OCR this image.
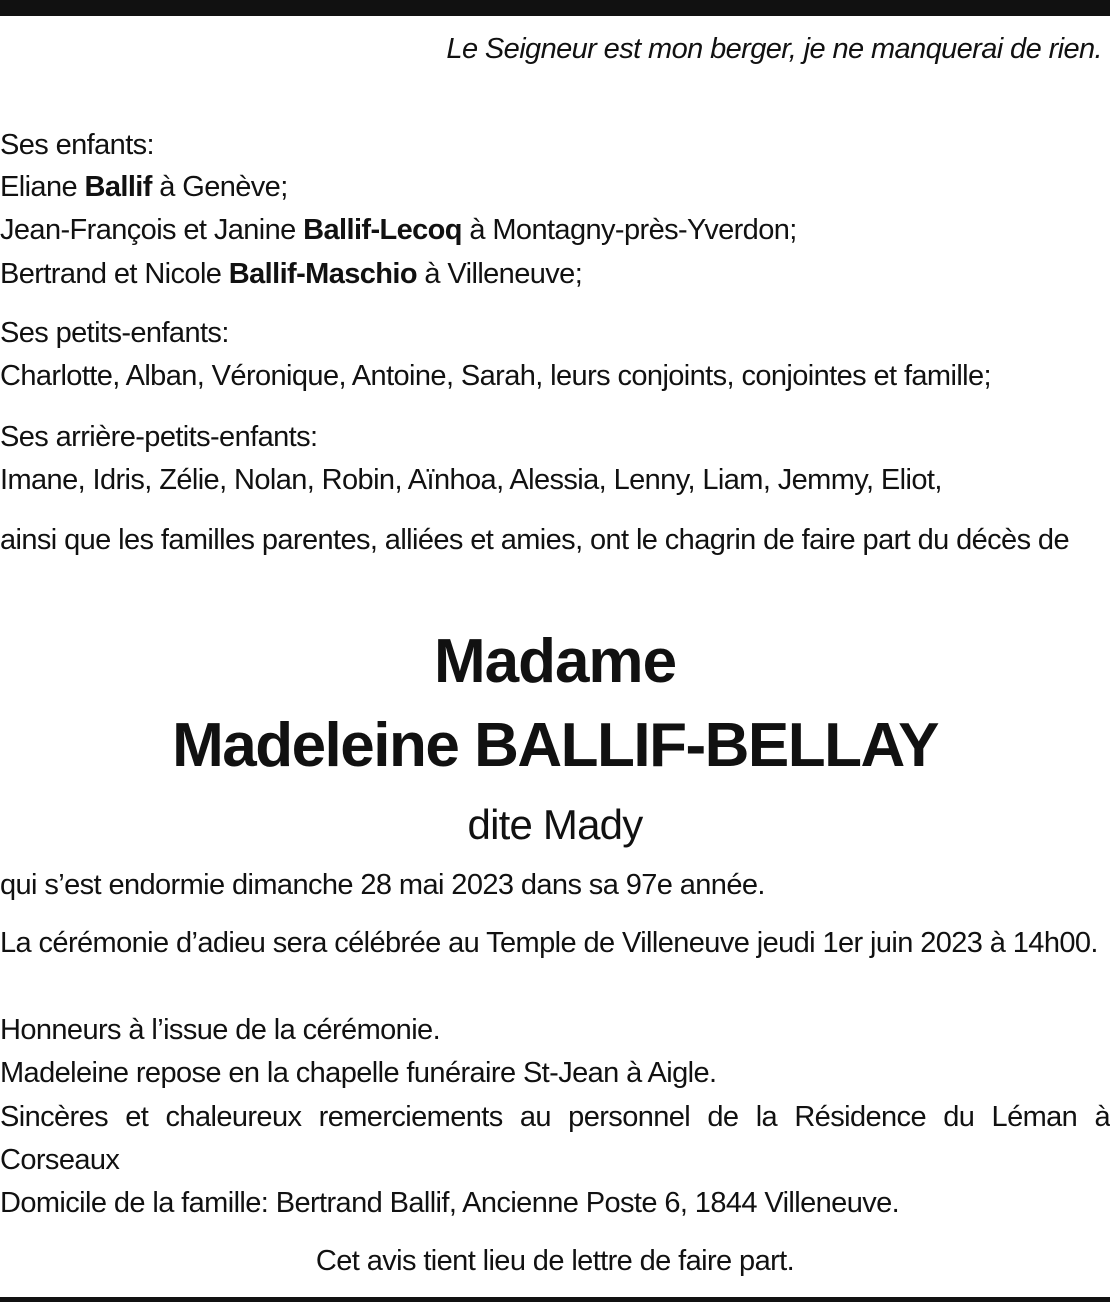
Le Seigneur est mon berger, je ne manquerai de rien.
Ses enfants:
Eliane Ballif à Genève;
Jean-François et Janine Ballif-Lecoq à Montagny-près-Yverdon;
Bertrand et Nicole Ballif-Maschio à Villeneuve;
Ses petits-enfants:
Charlotte, Alban, Véronique, Antoine, Sarah, leurs conjoints, conjointes et famille;
Ses arrière-petits-enfants:
Imane, Idris, Zélie, Nolan, Robin, Aïnhoa, Alessia, Lenny, Liam, Jemmy, Eliot,
ainsi que les familles parentes, alliées et amies, ont le chagrin de faire part du décès de
Madame
Madeleine BALLIF-BELLAY
dite Mady
qui s’est endormie dimanche 28 mai 2023 dans sa 97e année.
La cérémonie d’adieu sera célébrée au Temple de Villeneuve jeudi 1er juin 2023 à 14h00.
Honneurs à l’issue de la cérémonie.
Madeleine repose en la chapelle funéraire St-Jean à Aigle.
Sincères et chaleureux remerciements au personnel de la Résidence du Léman à Corseaux
Domicile de la famille: Bertrand Ballif, Ancienne Poste 6, 1844 Villeneuve.
Cet avis tient lieu de lettre de faire part.
